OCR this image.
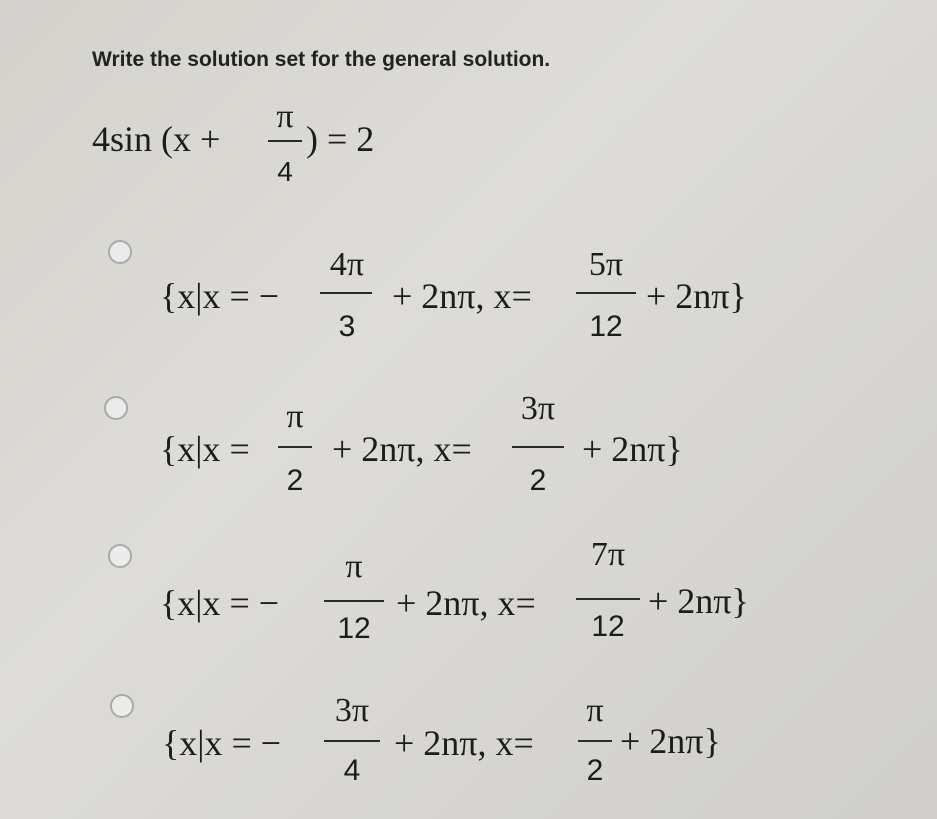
Write the solution set for the general solution.
4sin (x +
π
4
) = 2
{x|x = −
4π
3
+ 2nπ, x=
5π
12
+ 2nπ}
{x|x =
π
2
+ 2nπ, x=
3π
2
+ 2nπ}
{x|x = −
π
12
+ 2nπ, x=
7π
12
+ 2nπ}
{x|x = −
3π
4
+ 2nπ, x=
π
2
+ 2nπ}
